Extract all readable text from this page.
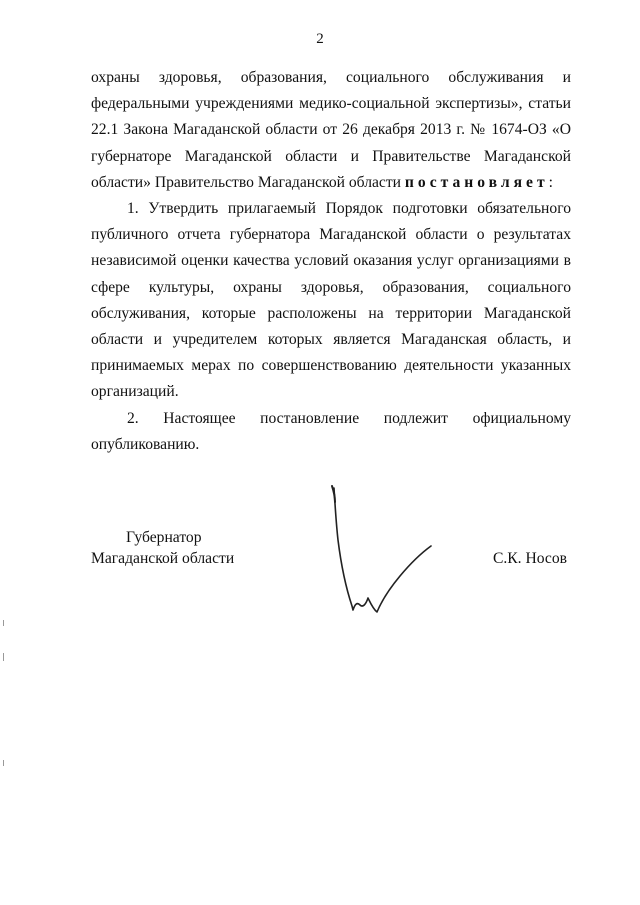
2

охраны здоровья, образования, социального обслуживания и федеральными учреждениями медико-социальной экспертизы», статьи 22.1 Закона Магаданской области от 26 декабря 2013 г. № 1674-ОЗ «О губернаторе Магаданской области и Правительстве Магаданской области» Правительство Магаданской области постановляет:

1. Утвердить прилагаемый Порядок подготовки обязательного публичного отчета губернатора Магаданской области о результатах независимой оценки качества условий оказания услуг организациями в сфере культуры, охраны здоровья, образования, социального обслуживания, которые расположены на территории Магаданской области и учредителем которых является Магаданская область, и принимаемых мерах по совершенствованию деятельности указанных организаций.

2. Настоящее постановление подлежит официальному опубликованию.

Губернатор
Магаданской области	С.К. Носов
